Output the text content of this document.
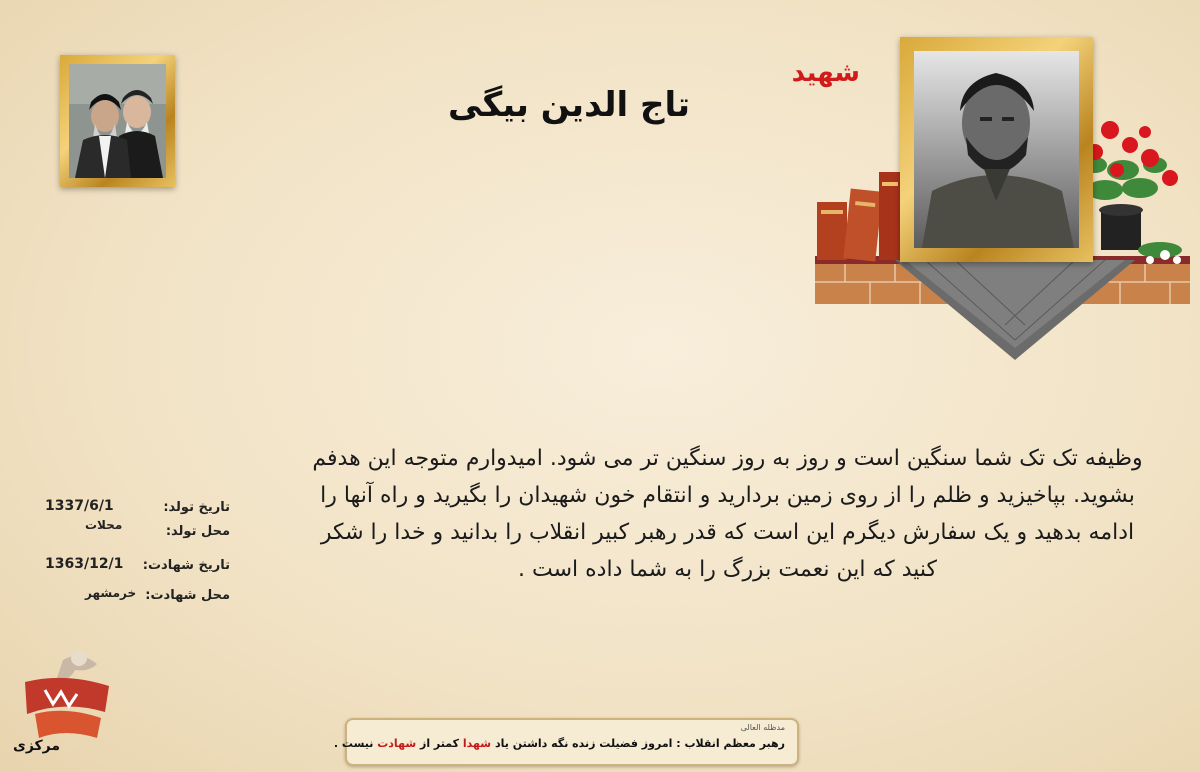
شهید
تاج الدین بیگی
وظیفه تک تک شما سنگین است و روز به روز سنگین تر می شود. امیدوارم متوجه این هدفم بشوید. بپاخیزید و ظلم را از روی زمین بردارید و انتقام خون شهیدان را بگیرید و راه آنها را ادامه بدهید و یک سفارش دیگرم این است که قدر رهبر کبیر انقلاب را بدانید و خدا را شکر کنید که این نعمت بزرگ را به شما داده است .
تاریخ تولد:
1337/6/1
محل تولد:
محلات
تاریخ شهادت:
1363/12/1
محل شهادت:
خرمشهر
مدظله العالی
رهبر معظم انقلاب : امروز فضیلت زنده نگه داشتن یاد شهدا کمتر از شهادت نیست .
مرکزی
